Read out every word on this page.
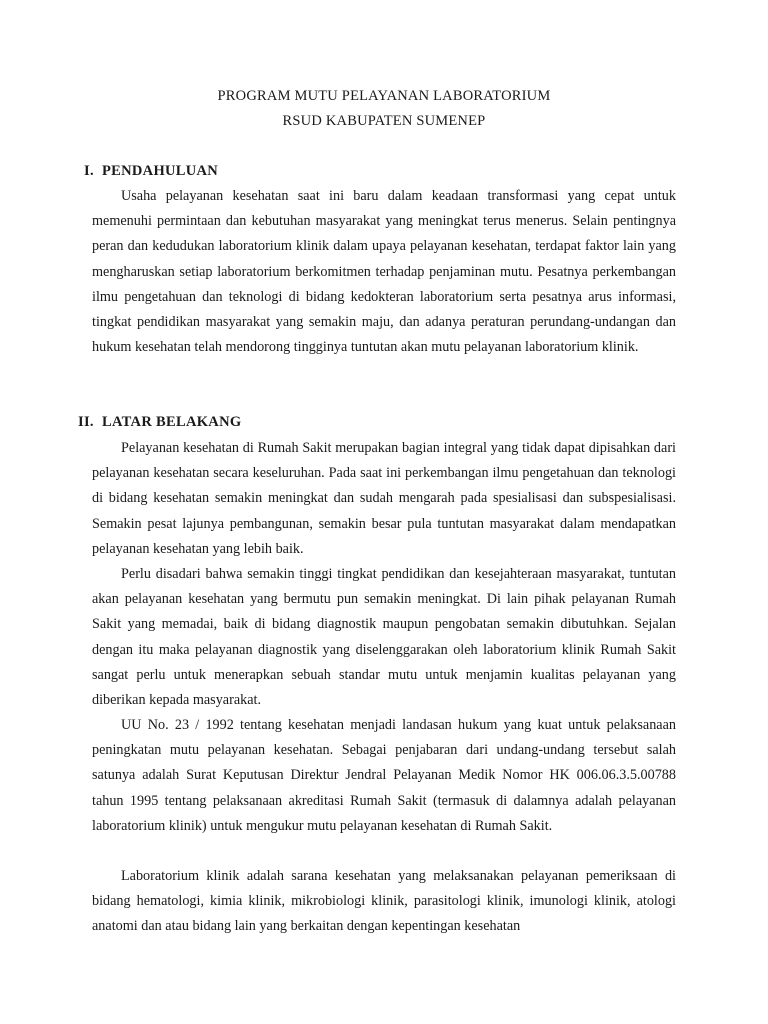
PROGRAM MUTU PELAYANAN LABORATORIUM
RSUD KABUPATEN SUMENEP
I. PENDAHULUAN

Usaha pelayanan kesehatan saat ini baru dalam keadaan transformasi yang cepat untuk memenuhi permintaan dan kebutuhan masyarakat yang meningkat terus menerus. Selain pentingnya peran dan kedudukan laboratorium klinik dalam upaya pelayanan kesehatan, terdapat faktor lain yang mengharuskan setiap laboratorium berkomitmen terhadap penjaminan mutu. Pesatnya perkembangan ilmu pengetahuan dan teknologi di bidang kedokteran laboratorium serta pesatnya arus informasi, tingkat pendidikan masyarakat yang semakin maju, dan adanya peraturan perundang-undangan dan hukum kesehatan telah mendorong tingginya tuntutan akan mutu pelayanan laboratorium klinik.

II. LATAR BELAKANG

Pelayanan kesehatan di Rumah Sakit merupakan bagian integral yang tidak dapat dipisahkan dari pelayanan kesehatan secara keseluruhan. Pada saat ini perkembangan ilmu pengetahuan dan teknologi di bidang kesehatan semakin meningkat dan sudah mengarah pada spesialisasi dan subspesialisasi. Semakin pesat lajunya pembangunan, semakin besar pula tuntutan masyarakat dalam mendapatkan pelayanan kesehatan yang lebih baik.

Perlu disadari bahwa semakin tinggi tingkat pendidikan dan kesejahteraan masyarakat, tuntutan akan pelayanan kesehatan yang bermutu pun semakin meningkat. Di lain pihak pelayanan Rumah Sakit yang memadai, baik di bidang diagnostik maupun pengobatan semakin dibutuhkan. Sejalan dengan itu maka pelayanan diagnostik yang diselenggarakan oleh laboratorium klinik Rumah Sakit sangat perlu untuk menerapkan sebuah standar mutu untuk menjamin kualitas pelayanan yang diberikan kepada masyarakat.

UU No. 23 / 1992 tentang kesehatan menjadi landasan hukum yang kuat untuk pelaksanaan peningkatan mutu pelayanan kesehatan. Sebagai penjabaran dari undang-undang tersebut salah satunya adalah Surat Keputusan Direktur Jendral Pelayanan Medik Nomor HK 006.06.3.5.00788 tahun 1995 tentang pelaksanaan akreditasi Rumah Sakit (termasuk di dalamnya adalah pelayanan laboratorium klinik) untuk mengukur mutu pelayanan kesehatan di Rumah Sakit.

Laboratorium klinik adalah sarana kesehatan yang melaksanakan pelayanan pemeriksaan di bidang hematologi, kimia klinik, mikrobiologi klinik, parasitologi klinik, imunologi klinik, atologi anatomi dan atau bidang lain yang berkaitan dengan kepentingan kesehatan
